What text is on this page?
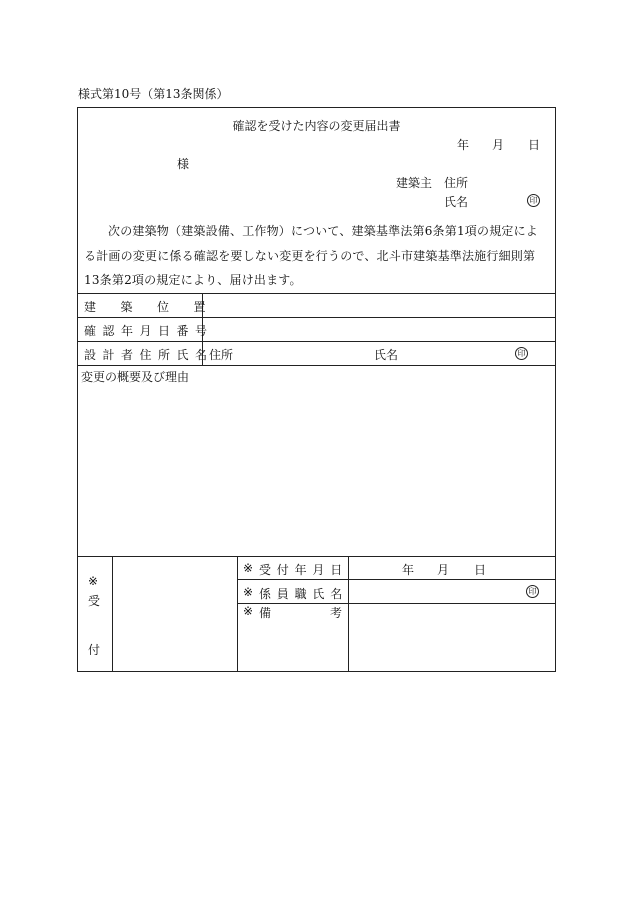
様式第10号（第13条関係）
確認を受けた内容の変更届出書
年 月 日
様
建築主 住所
氏名	印
次の建築物（建築設備、工作物）について、建築基準法第6条第1項の規定による計画の変更に係る確認を要しない変更を行うので、北斗市建築基準法施行細則第13条第2項の規定により、届け出ます。
建築位置
確認年月日番号
設計者住所氏名
住所	氏名	印
変更の概要及び理由
※
受
付
※ 受付年月日	年 月 日
※ 係員職氏名	印
※ 備	考
